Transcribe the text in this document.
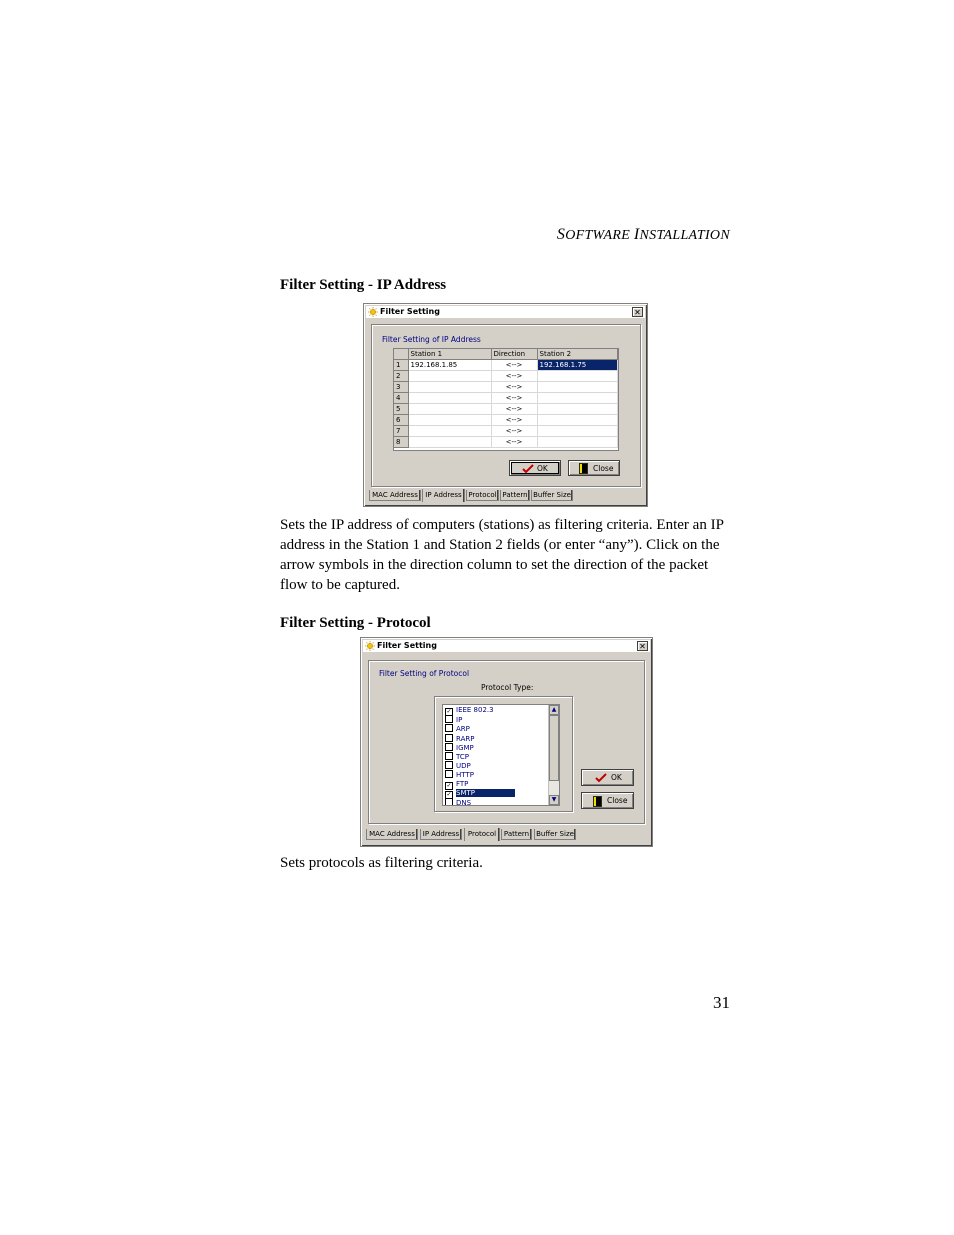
SOFTWARE INSTALLATION
Filter Setting - IP Address
Filter Setting	✕
Filter Setting of IP Address
	Station 1	Direction	Station 2
1	192.168.1.85	<-->	192.168.1.75
2		<-->	
3		<-->	
4		<-->	
5		<-->	
6		<-->	
7		<-->	
8		<-->	
OK	Close
MAC Address	IP Address Protocol Pattern Buffer Size
Sets the IP address of computers (stations) as filtering criteria. Enter an IP address in the Station 1 and Station 2 fields (or enter “any”). Click on the arrow symbols in the direction column to set the direction of the packet flow to be captured.
Filter Setting - Protocol
Filter Setting	✕
Filter Setting of Protocol
Protocol Type:
✓ IEEE 802.3
IP
ARP
RARP
IGMP
TCP
UDP
HTTP
✓ FTP
✓ SMTP
DNS
▲
▼
OK
Close
MAC Address	IP Address	Protocol	Pattern Buffer Size
Sets protocols as filtering criteria.
31
